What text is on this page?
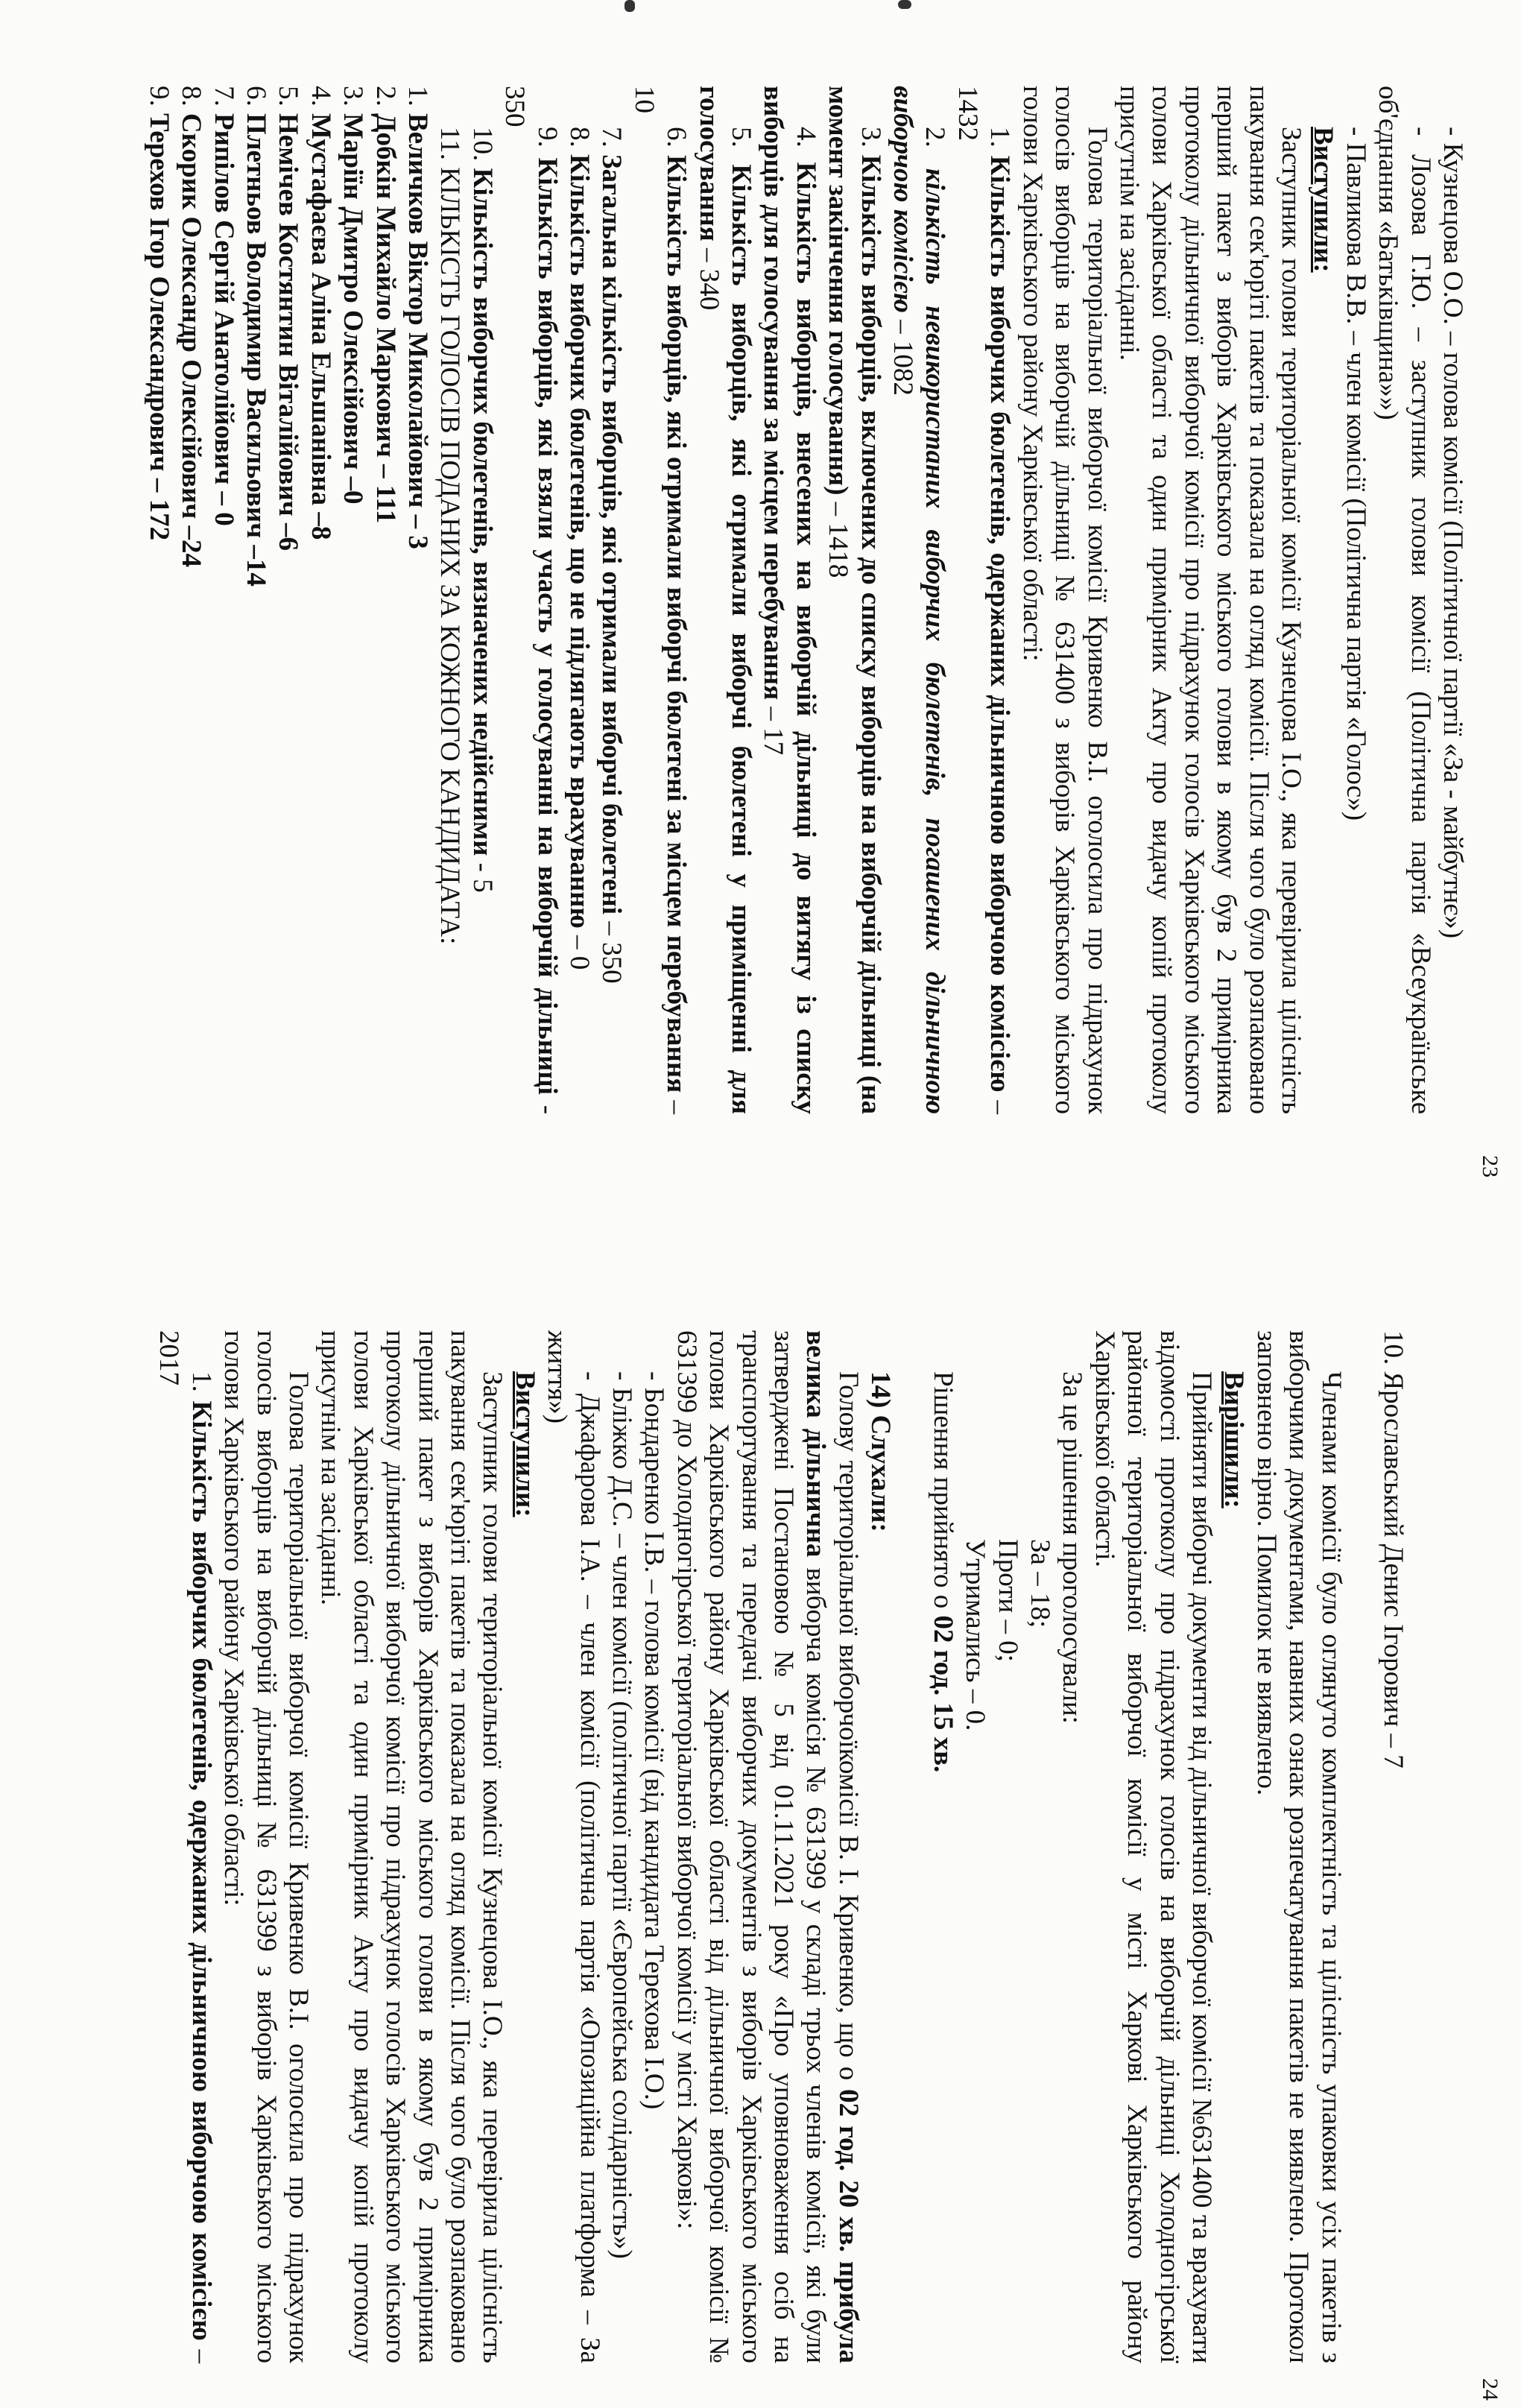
23

- Кузнецова О.О. – голова комісії (Політичної партії «За - майбутнє»)

- Лозова Г.Ю. – заступник голови комісії (Політична партія «Всеукраїнське об'єднання «Батьківщина»»)

- Павликова В.В. – член комісії (Політична партія «Голос»)

Виступили:

Заступник голови територіальної комісії Кузнецова І.О., яка перевірила цілісність пакування сек'юріті пакетів та показала на огляд комісії. Після чого було розпаковано перший пакет з виборів Харківського міського голови в якому був 2 примірника протоколу дільничної виборчої комісії про підрахунок голосів Харківського міського голови Харківської області та один примірник Акту про видачу копій протоколу присутнім на засіданні.

Голова територіальної виборчої комісії Кривенко В.І. оголосила про підрахунок голосів виборців на виборчій дільниці № 631400 з виборів Харківського міського голови Харківського району Харківської області:

1. Кількість виборчих бюлетенів, одержаних дільничною виборчою комісією – 1432

2. кількість невикористаних виборчих бюлетенів, погашених дільничною виборчою комісією – 1082

3. Кількість виборців, включених до списку виборців на виборчій дільниці (на момент закінчення голосування) – 1418

4. Кількість виборців, внесених на виборчій дільниці до витягу із списку виборців для голосування за місцем перебування – 17

5. Кількість виборців, які отримали виборчі бюлетені у приміщенні для голосування – 340

6. Кількість виборців, які отримали виборчі бюлетені за місцем перебування – 10

7. Загальна кількість виборців, які отримали виборчі бюлетені – 350

8. Кількість виборчих бюлетенів, що не підлягають врахуванню – 0

9. Кількість виборців, які взяли участь у голосуванні на виборчій дільниці - 350

10. Кількість виборчих бюлетенів, визначених недійсними - 5

11. КІЛЬКІСТЬ ГОЛОСІВ ПОДАНИХ ЗА КОЖНОГО КАНДИДАТА:

1. Величков Віктор Миколайович – 3

2. Добкін Михайло Маркович – 111

3. Маріїн Дмитро Олексійович –0

4. Мустафаєва Аліна Ельшанівна –8

5. Немічев Костянтин Віталійович –6

6. Плетньов Володимир Васильович –14

7. Рипілов Сергій Анатолійович – 0

8. Скорик Олександр Олексійович –24

9. Терехов Ігор Олександрович – 172

24

10. Ярославський Денис Ігорович – 7

Членами комісії було оглянуто комплектність та цілісність упаковки усіх пакетів з виборчими документами, навних ознак розпечатування пакетів не виявлено. Протокол заповнено вірно. Помилок не виявлено.

Вирішили:

Прийняти виборчі документи від дільничної виборчої комісії №631400 та врахувати відомості протоколу про підрахунок голосів на виборчій дільниці Холодногірської районної територіальної виборчої комісії у місті Харкові Харківського району Харківської області.

За це рішення проголосували:

За – 18;

Проти – 0;

Утримались – 0.

Рішення прийнято о 02 год. 15 хв.

14) Слухали:

Голову територіальної виборчоїкомісії В. І. Кривенко, що о 02 год. 20 хв. прибула велика дільнична виборча комісія № 631399 у складі трьох членів комісії, які були затверджені Постановою № 5 від 01.11.2021 року «Про уповноваження осіб на транспортування та передачі виборчих документів з виборів Харківського міського голови Харківського району Харківської області від дільничної виборчої комісії № 631399 до Холодногірської територіальної виборчої комісії у місті Харкові»:

- Бондаренко І.В. – голова комісії (від кандидата Терехова І.О.)

- Бліжко Д.С. – член комісії (політичної партії «Європейська солідарність»)

- Джафарова І.А. – член комісії (політична партія «Опозиційна платформа – За життя»)

Виступили:

Заступник голови територіальної комісії Кузнецова І.О., яка перевірила цілісність пакування сек'юріті пакетів та показала на огляд комісії. Після чого було розпаковано перший пакет з виборів Харківського міського голови в якому був 2 примірника протоколу дільничної виборчої комісії про підрахунок голосів Харківського міського голови Харківської області та один примірник Акту про видачу копій протоколу присутнім на засіданні.

Голова територіальної виборчої комісії Кривенко В.І. оголосила про підрахунок голосів виборців на виборчій дільниці № 631399 з виборів Харківського міського голови Харківського району Харківської області:

1. Кількість виборчих бюлетенів, одержаних дільничною виборчою комісією – 2017
